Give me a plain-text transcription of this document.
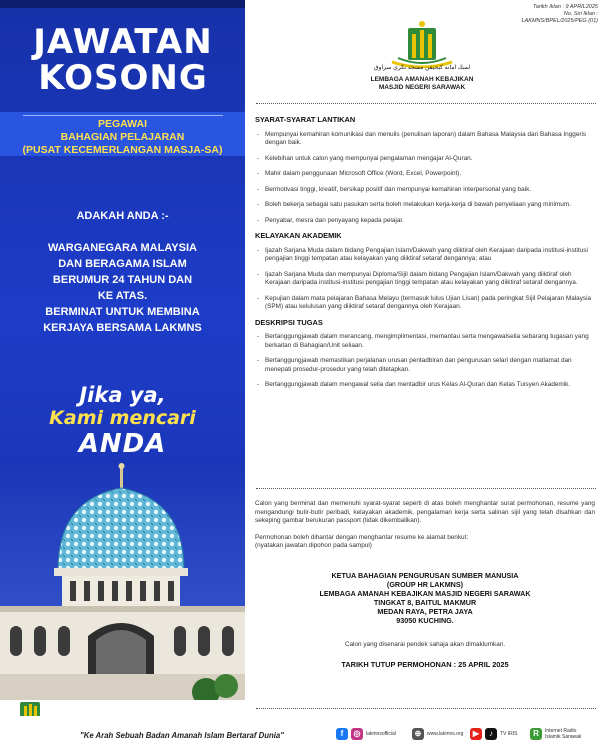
JAWATAN
KOSONG
PEGAWAI
BAHAGIAN PELAJARAN
(PUSAT KECEMERLANGAN MASJA-SA)
ADAKAH ANDA :-
WARGANEGARA MALAYSIA
DAN BERAGAMA ISLAM
BERUMUR 24 TAHUN DAN
KE ATAS.
BERMINAT UNTUK MEMBINA
KERJAYA BERSAMA LAKMNS
Jika ya,
Kami mencari
ANDA
Tarikh Iklan : 9 APRIL2025
No. Siri Iklan :
LAKMNS/BPEL/2025/PEG (01)
لمبڬ امانه كبجيقن مسجد نڬري سراوق
LEMBAGA AMANAH KEBAJIKAN
MASJID NEGERI SARAWAK
SYARAT-SYARAT LANTIKAN
- Mempunyai kemahiran komunikasi dan menulis (penulisan laporan) dalam Bahasa Malaysia dan Bahasa Inggeris dengan baik.
- Kelebihan untuk calon yang mempunyai pengalaman mengajar Al-Quran.
- Mahir dalam penggunaan Microsoft Office (Word, Excel, Powerpoint).
- Bermotivasi tinggi, kreatif, bersikap positif dan mempunyai kemahiran interpersonal yang baik.
- Boleh bekerja sebagai satu pasukan serta boleh melakukan kerja-kerja di bawah penyeliaan yang minimum.
- Penyabar, mesra dan penyayang kepada pelajar.
KELAYAKAN AKADEMIK
- Ijazah Sarjana Muda dalam bidang Pengajian Islam/Dakwah yang diiktiraf oleh Kerajaan daripada institusi-institusi pengajian tinggi tempatan atau kelayakan yang diiktiraf setaraf dengannya; atau
- Ijazah Sarjana Muda dan mempunyai Diploma/Sijil dalam bidang Pengajian Islam/Dakwah yang diiktiraf oleh Kerajaan daripada institusi-institusi pengajian tinggi tempatan atau kelayakan yang diiktiraf setaraf dengannya.
- Kepujian dalam mata pelajaran Bahasa Melayu (termasuk lulus Ujian Lisan) pada peringkat Sijil Pelajaran Malaysia (SPM) atau kelulusan yang diiktiraf setaraf dengannya oleh Kerajaan.
DESKRIPSI TUGAS
- Bertanggungjawab dalam merancang, mengimplimentasi, memantau serta mengawalselia sebarang tugasan yang berkaitan di Bahagian/Unit seliaan.
- Bertanggungjawab memastikan perjalanan urusan pentadbiran dan pengurusan selari dengan matlamat dan menepati prosedur-prosedur yang telah ditetapkan.
- Bertanggungjawab dalam mengawal selia dan mentadbir urus Kelas Al-Quran dan Kelas Tuisyen Akademik.
Calon yang berminat dan memenuhi syarat-syarat seperti di atas boleh menghantar surat permohonan, resume yang mengandungi butir-butir peribadi, kelayakan akademik, pengalaman kerja serta salinan sijil yang telah disahkan dan sekeping gambar berukuran passport (tidak dikembalikan).
Permohonan boleh dihantar dengan menghantar resume ke alamat berikut:
(nyatakan jawatan dipohon pada sampul)
KETUA BAHAGIAN PENGURUSAN SUMBER MANUSIA
(GROUP HR LAKMNS)
LEMBAGA AMANAH KEBAJIKAN MASJID NEGERI SARAWAK
TINGKAT 8, BAITUL MAKMUR
MEDAN RAYA, PETRA JAYA
93050 KUCHING.
Calon yang disenarai pendek sahaja akan dimaklumkan.
TARIKH TUTUP PERMOHONAN : 25 APRIL 2025
"Ke Arah Sebuah Badan Amanah Islam Bertaraf Dunia"	f	◎	lakmnsofficial	⊕	www.lakmns.org	▶	♪	TV IRIS	R	Internet Radio
Islamik Sarawak
